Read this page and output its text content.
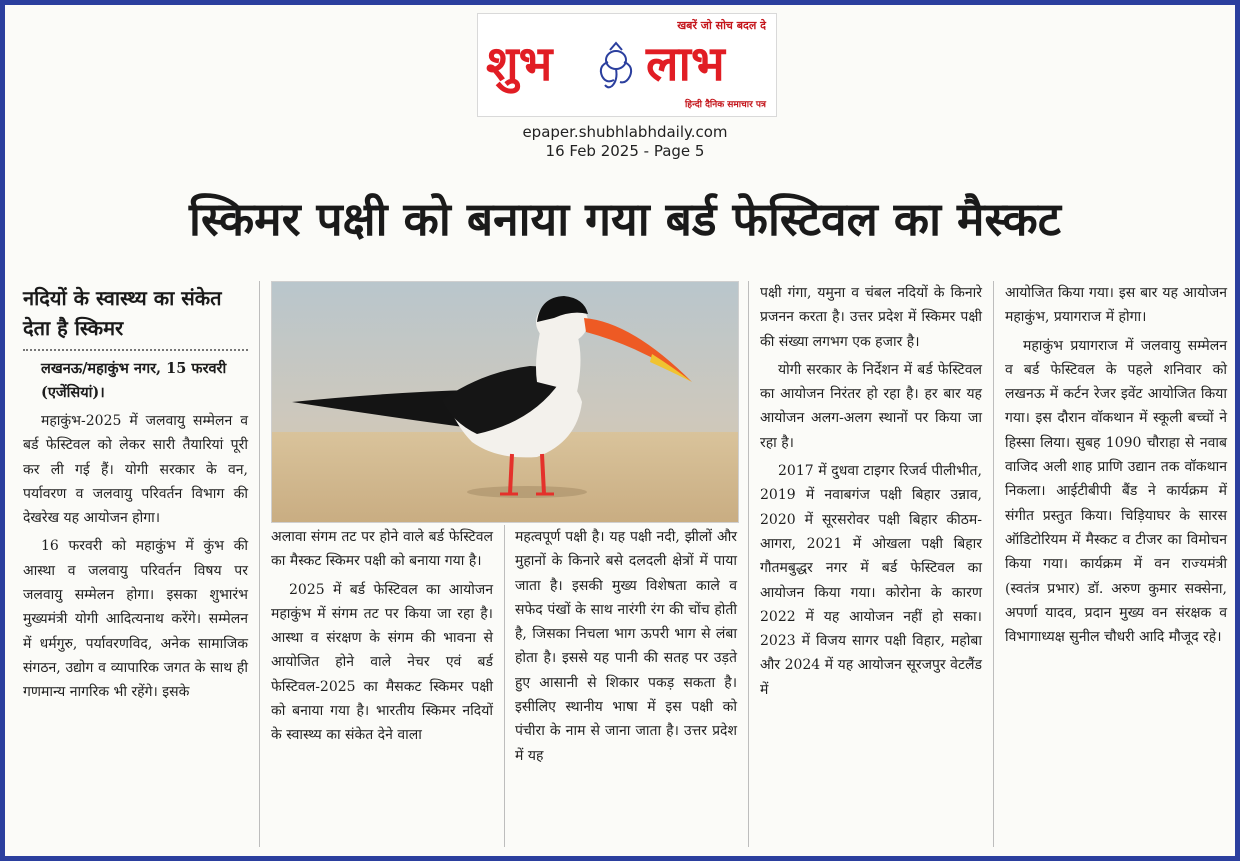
खबरें जो सोच बदल दे
शुभ लाभ
हिन्दी दैनिक समाचार पत्र
epaper.shubhlabhdaily.com
16 Feb 2025 - Page 5
स्किमर पक्षी को बनाया गया बर्ड फेस्टिवल का मैस्कट
नदियों के स्वास्थ्य का संकेत देता है स्किमर
लखनऊ/महाकुंभ नगर, 15 फरवरी (एजेंसियां)।

महाकुंभ-2025 में जलवायु सम्मेलन व बर्ड फेस्टिवल को लेकर सारी तैयारियां पूरी कर ली गई हैं। योगी सरकार के वन, पर्यावरण व जलवायु परिवर्तन विभाग की देखरेख यह आयोजन होगा।

16 फरवरी को महाकुंभ में कुंभ की आस्था व जलवायु परिवर्तन विषय पर जलवायु सम्मेलन होगा। इसका शुभारंभ मुख्यमंत्री योगी आदित्यनाथ करेंगे। सम्मेलन में धर्मगुरु, पर्यावरणविद, अनेक सामाजिक संगठन, उद्योग व व्यापारिक जगत के साथ ही गणमान्य नागरिक भी रहेंगे। इसके

अलावा संगम तट पर होने वाले बर्ड फेस्टिवल का मैस्कट स्किमर पक्षी को बनाया गया है।

2025 में बर्ड फेस्टिवल का आयोजन महाकुंभ में संगम तट पर किया जा रहा है। आस्था व संरक्षण के संगम की भावना से आयोजित होने वाले नेचर एवं बर्ड फेस्टिवल-2025 का मैसकट स्किमर पक्षी को बनाया गया है। भारतीय स्किमर नदियों के स्वास्थ्य का संकेत देने वाला

महत्वपूर्ण पक्षी है। यह पक्षी नदी, झीलों और मुहानों के किनारे बसे दलदली क्षेत्रों में पाया जाता है। इसकी मुख्य विशेषता काले व सफेद पंखों के साथ नारंगी रंग की चोंच होती है, जिसका निचला भाग ऊपरी भाग से लंबा होता है। इससे यह पानी की सतह पर उड़ते हुए आसानी से शिकार पकड़ सकता है। इसीलिए स्थानीय भाषा में इस पक्षी को पंचीरा के नाम से जाना जाता है। उत्तर प्रदेश में यह

पक्षी गंगा, यमुना व चंबल नदियों के किनारे प्रजनन करता है। उत्तर प्रदेश में स्किमर पक्षी की संख्या लगभग एक हजार है।

योगी सरकार के निर्देशन में बर्ड फेस्टिवल का आयोजन निरंतर हो रहा है। हर बार यह आयोजन अलग-अलग स्थानों पर किया जा रहा है।

2017 में दुधवा टाइगर रिजर्व पीलीभीत, 2019 में नवाबगंज पक्षी बिहार उन्नाव, 2020 में सूरसरोवर पक्षी बिहार कीठम-आगरा, 2021 में ओखला पक्षी बिहार गौतमबुद्धर नगर में बर्ड फेस्टिवल का आयोजन किया गया। कोरोना के कारण 2022 में यह आयोजन नहीं हो सका। 2023 में विजय सागर पक्षी विहार, महोबा और 2024 में यह आयोजन सूरजपुर वेटलैंड में

आयोजित किया गया। इस बार यह आयोजन महाकुंभ, प्रयागराज में होगा।

महाकुंभ प्रयागराज में जलवायु सम्मेलन व बर्ड फेस्टिवल के पहले शनिवार को लखनऊ में कर्टन रेजर इवेंट आयोजित किया गया। इस दौरान वॉकथान में स्कूली बच्चों ने हिस्सा लिया। सुबह 1090 चौराहा से नवाब वाजिद अली शाह प्राणि उद्यान तक वॉकथान निकला। आईटीबीपी बैंड ने कार्यक्रम में संगीत प्रस्तुत किया। चिड़ियाघर के सारस ऑडिटोरियम में मैस्कट व टीजर का विमोचन किया गया। कार्यक्रम में वन राज्यमंत्री (स्वतंत्र प्रभार) डॉ. अरुण कुमार सक्सेना, अपर्णा यादव, प्रदान मुख्य वन संरक्षक व विभागाध्यक्ष सुनील चौधरी आदि मौजूद रहे।
